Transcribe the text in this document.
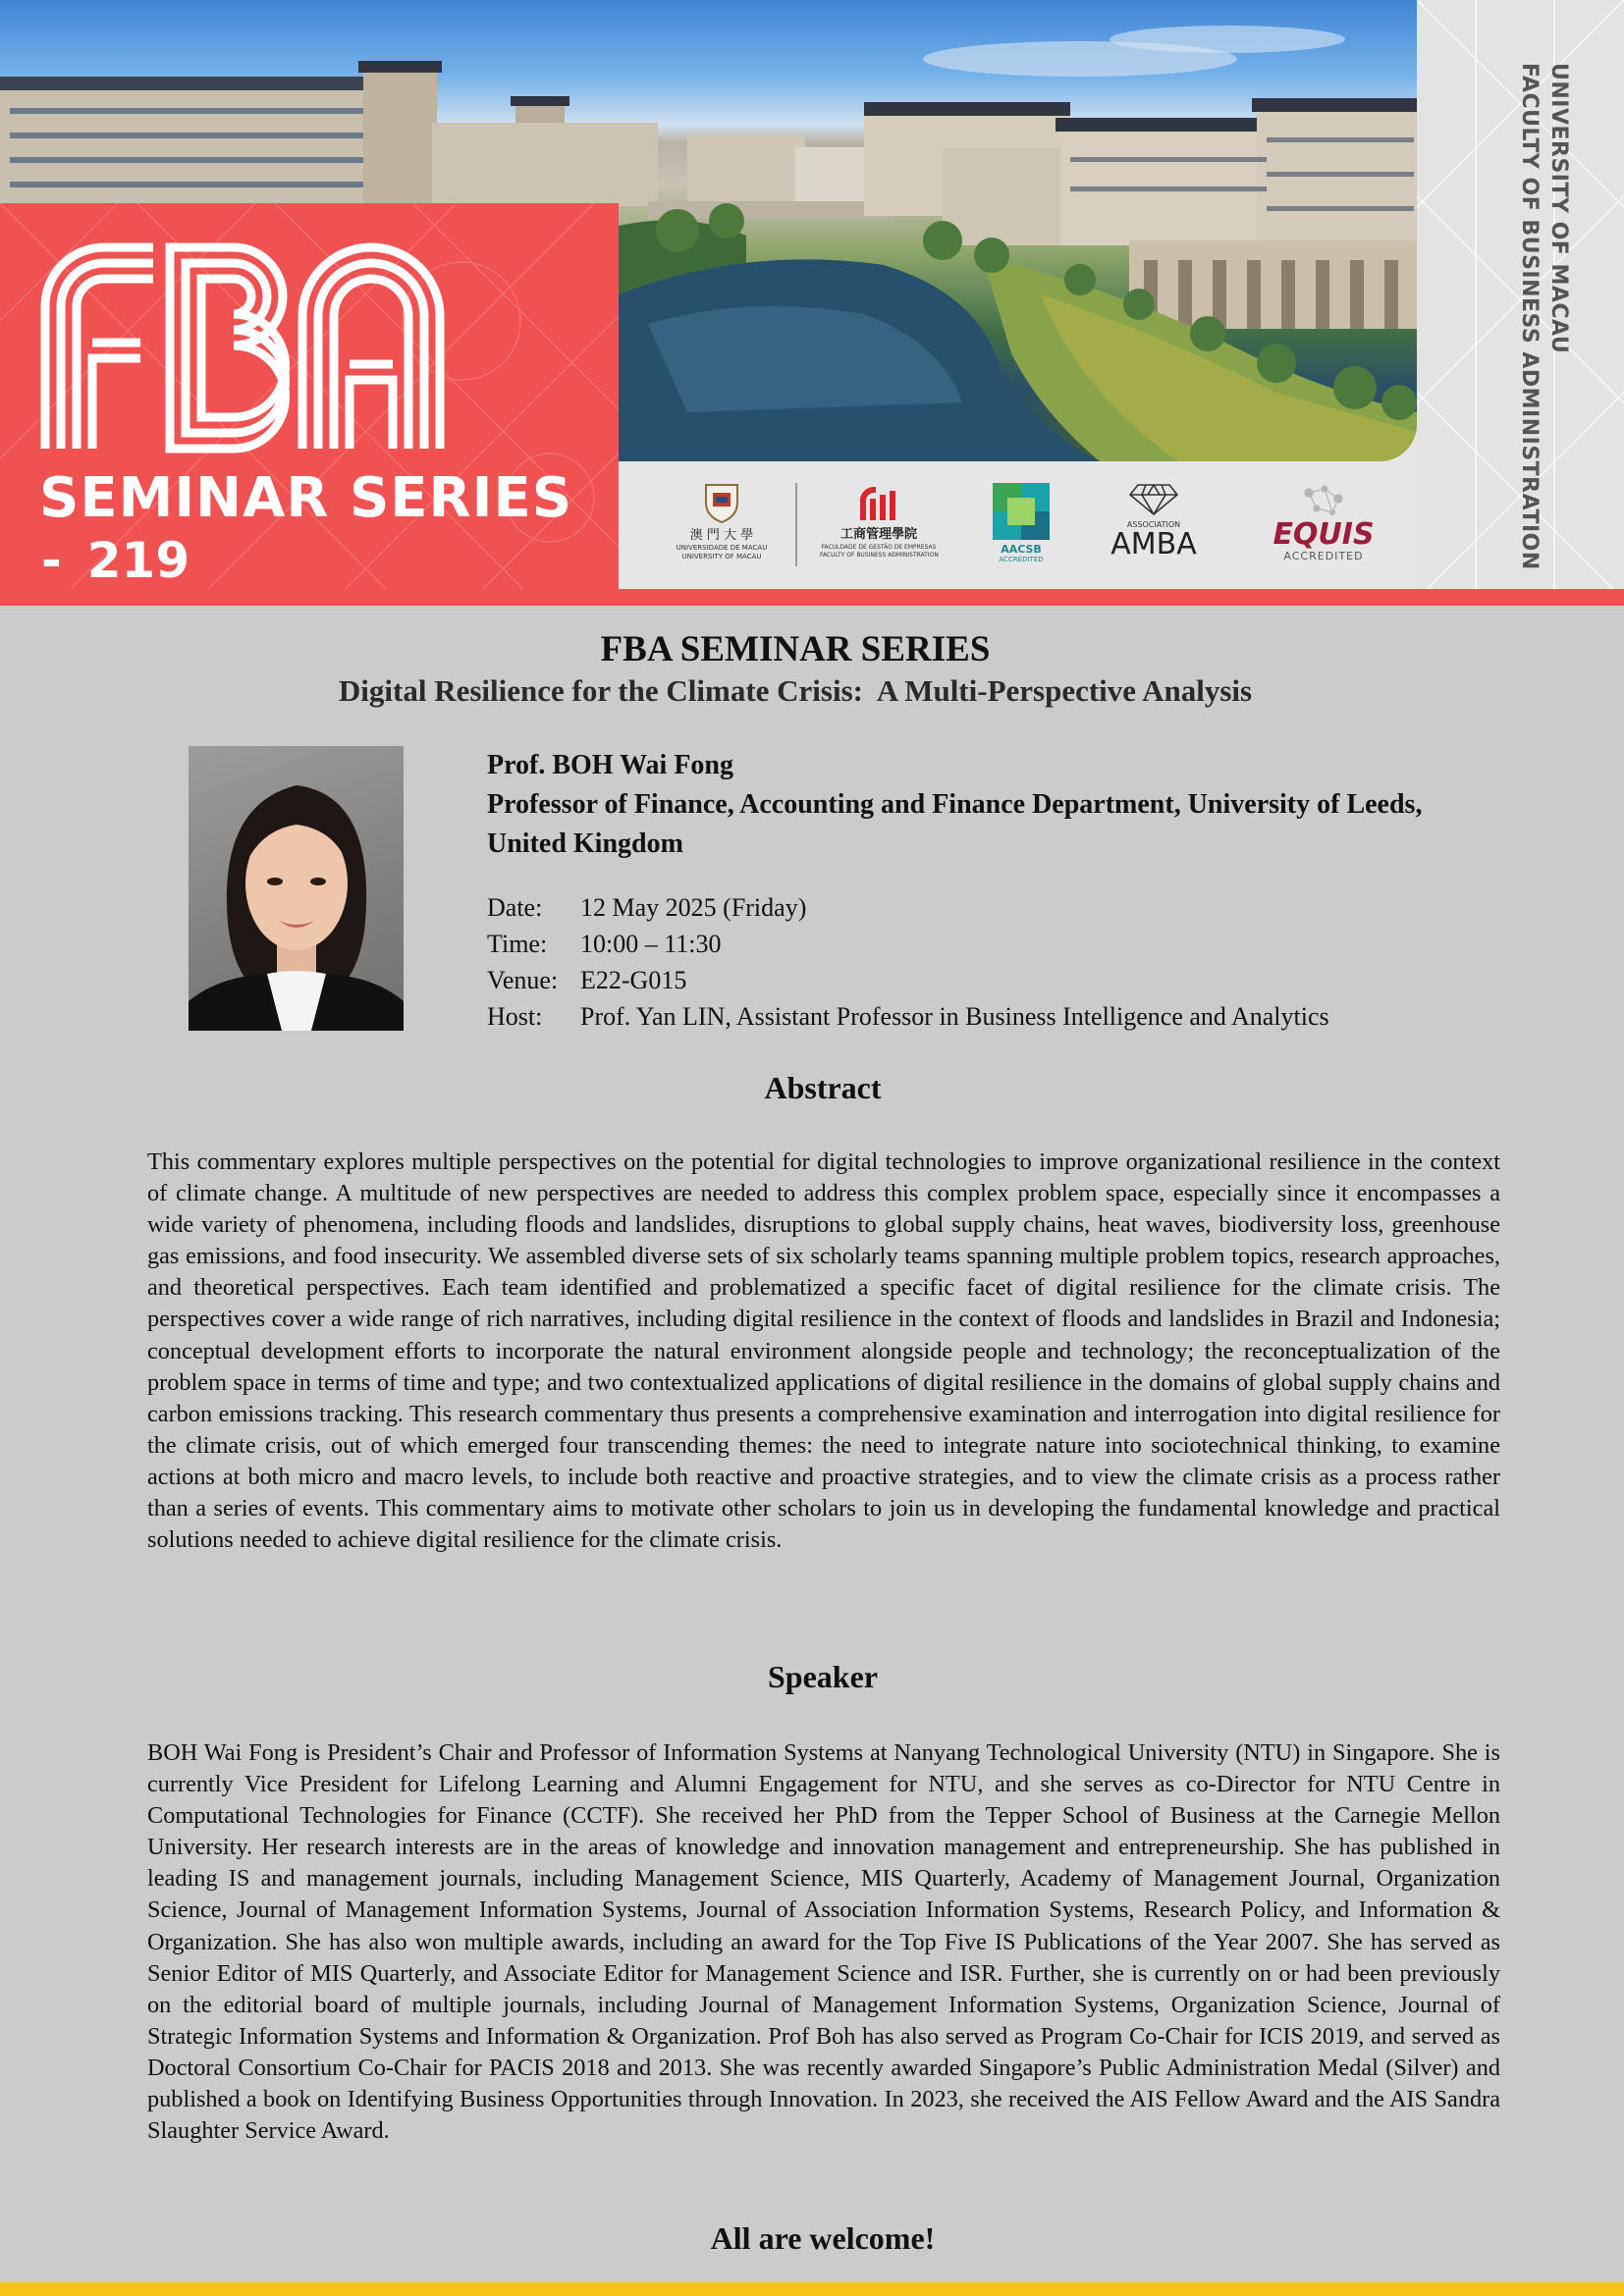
SEMINAR SERIES
- 219	澳 門 大 學
UNIVERSIDADE DE MACAU
UNIVERSITY OF MACAU
工商管理學院
FACULDADE DE GESTÃO DE EMPRESAS
FACULTY OF BUSINESS ADMINISTRATION	AACSB
ACCREDITED
ASSOCIATION
AMBA	EQUIS
ACCREDITED
UNIVERSITY OF MACAU
FACULTY OF BUSINESS ADMINISTRATION
FBA SEMINAR SERIES
Digital Resilience for the Climate Crisis:  A Multi-Perspective Analysis
Prof. BOH Wai Fong
Professor of Finance, Accounting and Finance Department, University of Leeds, United Kingdom
Date:	12 May 2025 (Friday)
Time:	10:00 – 11:30
Venue: E22-G015
Host:	Prof. Yan LIN, Assistant Professor in Business Intelligence and Analytics
Abstract
This commentary explores multiple perspectives on the potential for digital technologies to improve organizational resilience in the context of climate change. A multitude of new perspectives are needed to address this complex problem space, especially since it encompasses a wide variety of phenomena, including floods and landslides, disruptions to global supply chains, heat waves, biodiversity loss, greenhouse gas emissions, and food insecurity. We assembled diverse sets of six scholarly teams spanning multiple problem topics, research approaches, and theoretical perspectives. Each team identified and problematized a specific facet of digital resilience for the climate crisis. The perspectives cover a wide range of rich narratives, including digital resilience in the context of floods and landslides in Brazil and Indonesia; conceptual development efforts to incorporate the natural environment alongside people and technology; the reconceptualization of the problem space in terms of time and type; and two contextualized applications of digital resilience in the domains of global supply chains and carbon emissions tracking. This research commentary thus presents a comprehensive examination and interrogation into digital resilience for the climate crisis, out of which emerged four transcending themes: the need to integrate nature into sociotechnical thinking, to examine actions at both micro and macro levels, to include both reactive and proactive strategies, and to view the climate crisis as a process rather than a series of events. This commentary aims to motivate other scholars to join us in developing the fundamental knowledge and practical solutions needed to achieve digital resilience for the climate crisis.
Speaker
BOH Wai Fong is President’s Chair and Professor of Information Systems at Nanyang Technological University (NTU) in Singapore. She is currently Vice President for Lifelong Learning and Alumni Engagement for NTU, and she serves as co-Director for NTU Centre in Computational Technologies for Finance (CCTF). She received her PhD from the Tepper School of Business at the Carnegie Mellon University. Her research interests are in the areas of knowledge and innovation management and entrepreneurship. She has published in leading IS and management journals, including Management Science, MIS Quarterly, Academy of Management Journal, Organization Science, Journal of Management Information Systems, Journal of Association Information Systems, Research Policy, and Information & Organization. She has also won multiple awards, including an award for the Top Five IS Publications of the Year 2007. She has served as Senior Editor of MIS Quarterly, and Associate Editor for Management Science and ISR. Further, she is currently on or had been previously on the editorial board of multiple journals, including Journal of Management Information Systems, Organization Science, Journal of Strategic Information Systems and Information & Organization. Prof Boh has also served as Program Co-Chair for ICIS 2019, and served as Doctoral Consortium Co-Chair for PACIS 2018 and 2013. She was recently awarded Singapore’s Public Administration Medal (Silver) and published a book on Identifying Business Opportunities through Innovation. In 2023, she received the AIS Fellow Award and the AIS Sandra Slaughter Service Award.
All are welcome!
